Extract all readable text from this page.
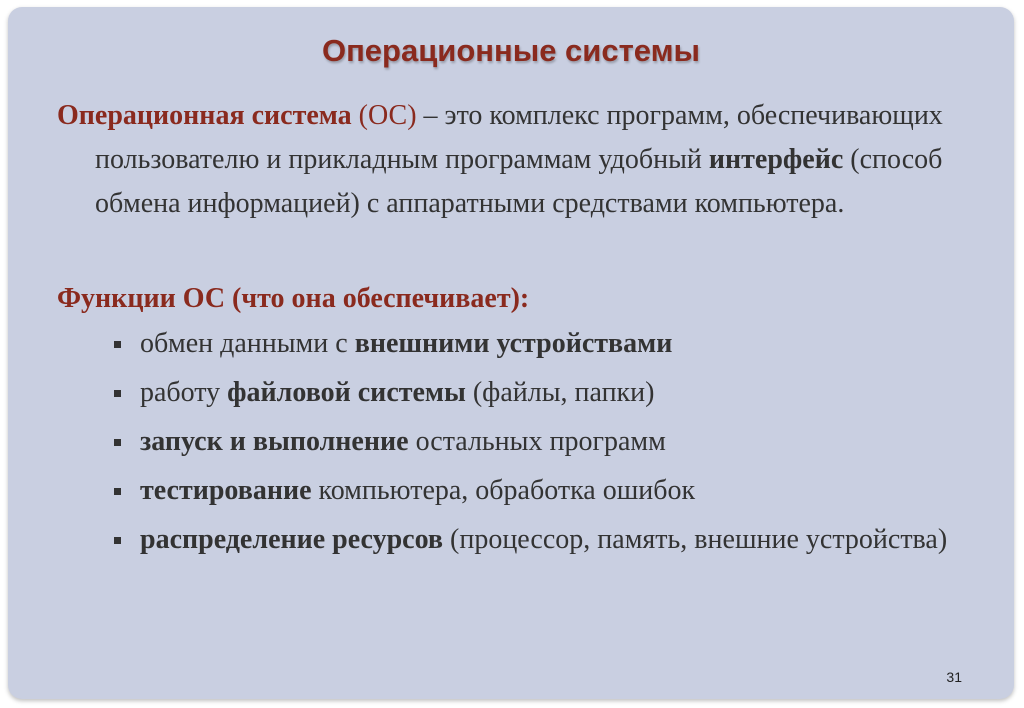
Операционные системы
Операционная система (ОС) – это комплекс программ, обеспечивающих пользователю и прикладным программам удобный интерфейс (способ обмена информацией) с аппаратными средствами компьютера.
Функции ОС (что она обеспечивает):
обмен данными с внешними устройствами
работу файловой системы (файлы, папки)
запуск и выполнение остальных программ
тестирование компьютера, обработка ошибок
распределение ресурсов (процессор, память, внешние устройства)
31
